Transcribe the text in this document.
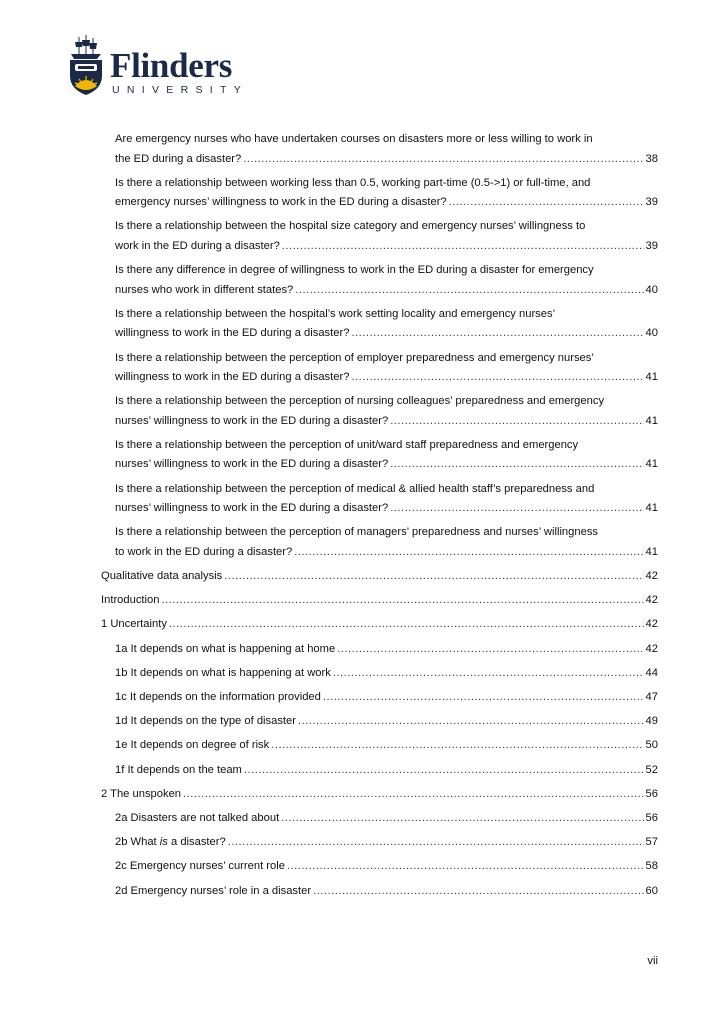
Flinders
UNIVERSITY
Are emergency nurses who have undertaken courses on disasters more or less willing to work in
the ED during a disaster? .....	38
Is there a relationship between working less than 0.5, working part-time (0.5->1) or full-time, and
emergency nurses’ willingness to work in the ED during a disaster? .....	39
Is there a relationship between the hospital size category and emergency nurses’ willingness to
work in the ED during a disaster? .....	39
Is there any difference in degree of willingness to work in the ED during a disaster for emergency
nurses who work in different states? .....	40
Is there a relationship between the hospital’s work setting locality and emergency nurses’
willingness to work in the ED during a disaster? .....	40
Is there a relationship between the perception of employer preparedness and emergency nurses’
willingness to work in the ED during a disaster? .....	41
Is there a relationship between the perception of nursing colleagues’ preparedness and emergency
nurses’ willingness to work in the ED during a disaster? .....	41
Is there a relationship between the perception of unit/ward staff preparedness and emergency
nurses’ willingness to work in the ED during a disaster? .....	41
Is there a relationship between the perception of medical & allied health staff’s preparedness and
nurses’ willingness to work in the ED during a disaster? .....	41
Is there a relationship between the perception of managers’ preparedness and nurses’ willingness
to work in the ED during a disaster? .....	41
Qualitative data analysis .....	42
Introduction .....	42
1 Uncertainty .....	42
1a It depends on what is happening at home .....	42
1b It depends on what is happening at work .....	44
1c It depends on the information provided .....	47
1d It depends on the type of disaster .....	49
1e It depends on degree of risk .....	50
1f It depends on the team .....	52
2 The unspoken .....	56
2a Disasters are not talked about .....	56
2b What is a disaster? .....	57
2c Emergency nurses’ current role .....	58
2d Emergency nurses’ role in a disaster .....	60
vii
